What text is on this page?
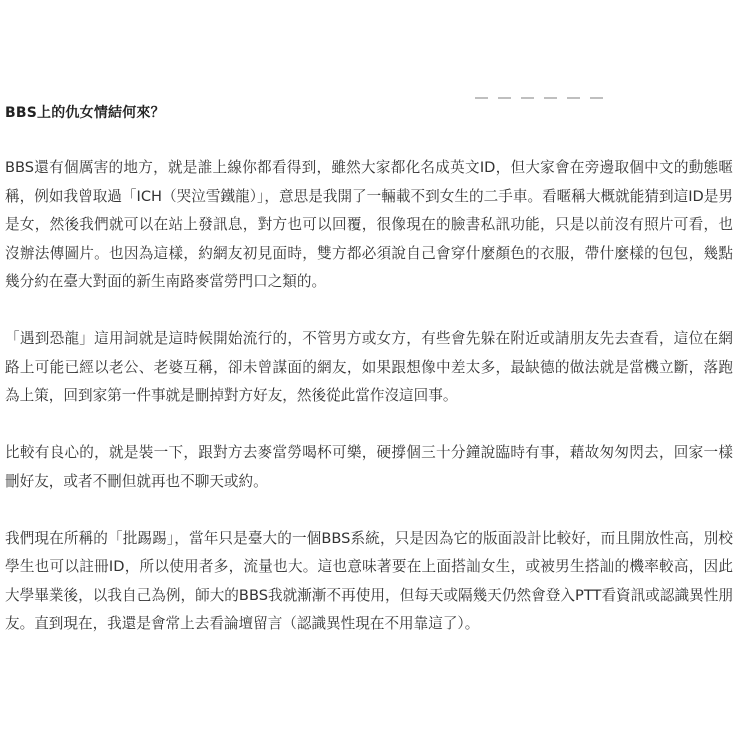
BBS上的仇女情結何來？

BBS還有個厲害的地方，就是誰上線你都看得到，雖然大家都化名成英文ID，但大家會在旁邊取個中文的動態暱稱，例如我曾取過「ICH（哭泣雪鐵龍）」，意思是我開了一輛載不到女生的二手車。看暱稱大概就能猜到這ID是男是女，然後我們就可以在站上發訊息，對方也可以回覆，很像現在的臉書私訊功能，只是以前沒有照片可看，也沒辦法傳圖片。也因為這樣，約網友初見面時，雙方都必須說自己會穿什麼顏色的衣服，帶什麼樣的包包，幾點幾分約在臺大對面的新生南路麥當勞門口之類的。

「遇到恐龍」這用詞就是這時候開始流行的，不管男方或女方，有些會先躲在附近或請朋友先去查看，這位在網路上可能已經以老公、老婆互稱，卻未曾謀面的網友，如果跟想像中差太多，最缺德的做法就是當機立斷，落跑為上策，回到家第一件事就是刪掉對方好友，然後從此當作沒這回事。

比較有良心的，就是裝一下，跟對方去麥當勞喝杯可樂，硬撐個三十分鐘說臨時有事，藉故匆匆閃去，回家一樣刪好友，或者不刪但就再也不聊天或約。

我們現在所稱的「批踢踢」，當年只是臺大的一個BBS系統，只是因為它的版面設計比較好，而且開放性高，別校學生也可以註冊ID，所以使用者多，流量也大。這也意味著要在上面搭訕女生，或被男生搭訕的機率較高，因此大學畢業後，以我自己為例，師大的BBS我就漸漸不再使用，但每天或隔幾天仍然會登入PTT看資訊或認識異性朋友。直到現在，我還是會常上去看論壇留言（認識異性現在不用靠這了）。
